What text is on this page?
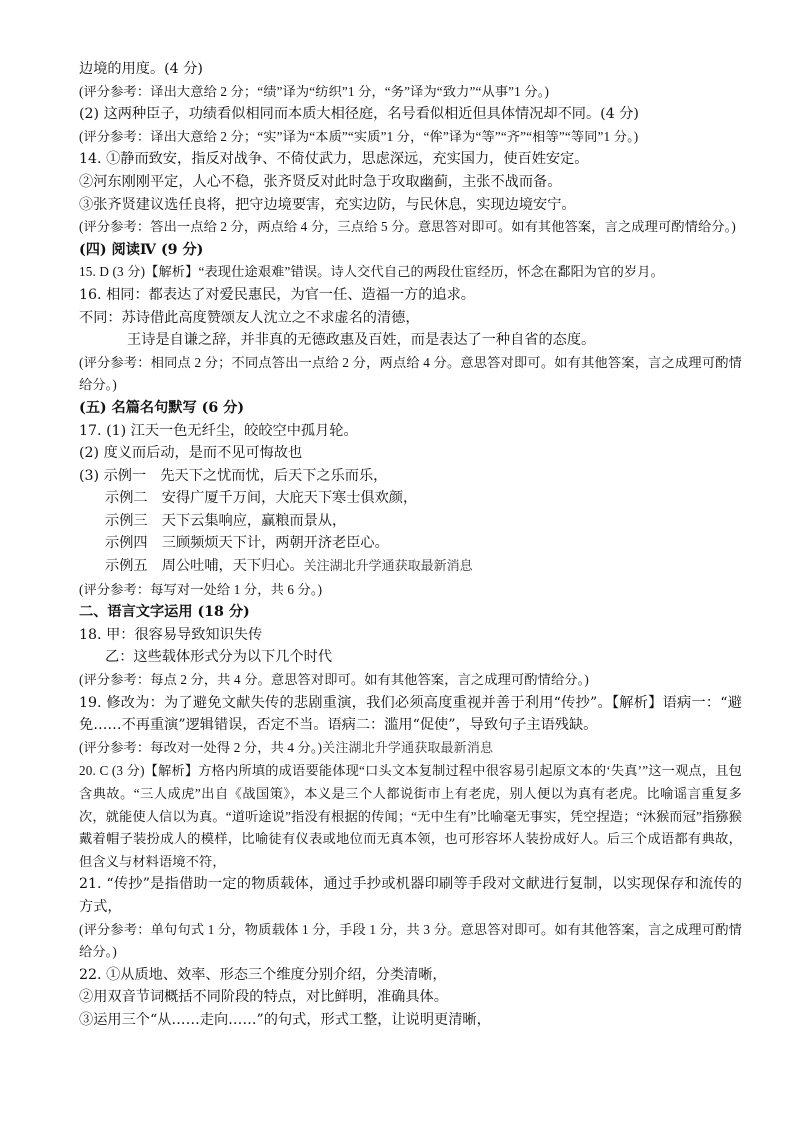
边境的用度。(4 分)

(评分参考：译出大意给 2 分；“绩”译为“纺织”1 分，“务”译为“致力”“从事”1 分。)

(2) 这两种臣子，功绩看似相同而本质大相径庭，名号看似相近但具体情况却不同。(4 分)

(评分参考：译出大意给 2 分；“实”译为“本质”“实质”1 分，“侔”译为“等”“齐”“相等”“等同”1 分。)

14. ①静而致安，指反对战争、不倚仗武力，思虑深远，充实国力，使百姓安定。

②河东刚刚平定，人心不稳，张齐贤反对此时急于攻取幽蓟，主张不战而备。

③张齐贤建议选任良将，把守边境要害，充实边防，与民休息，实现边境安宁。

(评分参考：答出一点给 2 分，两点给 4 分，三点给 5 分。意思答对即可。如有其他答案，言之成理可酌情给分。)

(四) 阅读Ⅳ (9 分)

15. D (3 分)【解析】“表现仕途艰难”错误。诗人交代自己的两段仕宦经历，怀念在鄱阳为官的岁月。

16. 相同：都表达了对爱民惠民，为官一任、造福一方的追求。

不同：苏诗借此高度赞颂友人沈立之不求虚名的清德，

王诗是自谦之辞，并非真的无德政惠及百姓，而是表达了一种自省的态度。

(评分参考：相同点 2 分；不同点答出一点给 2 分，两点给 4 分。意思答对即可。如有其他答案，言之成理可酌情给分。)

(五) 名篇名句默写 (6 分)

17. (1) 江天一色无纤尘，皎皎空中孤月轮。

(2) 度义而后动，是而不见可悔故也

(3) 示例一　先天下之忧而忧，后天下之乐而乐，

示例二　安得广厦千万间，大庇天下寒士俱欢颜，

示例三　天下云集响应，赢粮而景从，

示例四　三顾频烦天下计，两朝开济老臣心。

示例五　周公吐哺，天下归心。关注湖北升学通获取最新消息

(评分参考：每写对一处给 1 分，共 6 分。)

二、语言文字运用 (18 分)

18. 甲：很容易导致知识失传

乙：这些载体形式分为以下几个时代

(评分参考：每点 2 分，共 4 分。意思答对即可。如有其他答案，言之成理可酌情给分。)

19. 修改为：为了避免文献失传的悲剧重演，我们必须高度重视并善于利用“传抄”。【解析】语病一：“避免……不再重演”逻辑错误，否定不当。语病二：滥用“促使”，导致句子主语残缺。

(评分参考：每改对一处得 2 分，共 4 分。)关注湖北升学通获取最新消息

20. C (3 分)【解析】方格内所填的成语要能体现“口头文本复制过程中很容易引起原文本的‘失真’”这一观点，且包含典故。“三人成虎”出自《战国策》，本义是三个人都说街市上有老虎，别人便以为真有老虎。比喻谣言重复多次，就能使人信以为真。“道听途说”指没有根据的传闻；“无中生有”比喻毫无事实，凭空捏造；“沐猴而冠”指猕猴戴着帽子装扮成人的模样，比喻徒有仪表或地位而无真本领，也可形容坏人装扮成好人。后三个成语都有典故，但含义与材料语境不符，

21. “传抄”是指借助一定的物质载体，通过手抄或机器印刷等手段对文献进行复制，以实现保存和流传的方式，

(评分参考：单句句式 1 分，物质载体 1 分，手段 1 分，共 3 分。意思答对即可。如有其他答案，言之成理可酌情给分。)

22. ①从质地、效率、形态三个维度分别介绍，分类清晰，

②用双音节词概括不同阶段的特点，对比鲜明，准确具体。

③运用三个“从……走向……”的句式，形式工整，让说明更清晰，
